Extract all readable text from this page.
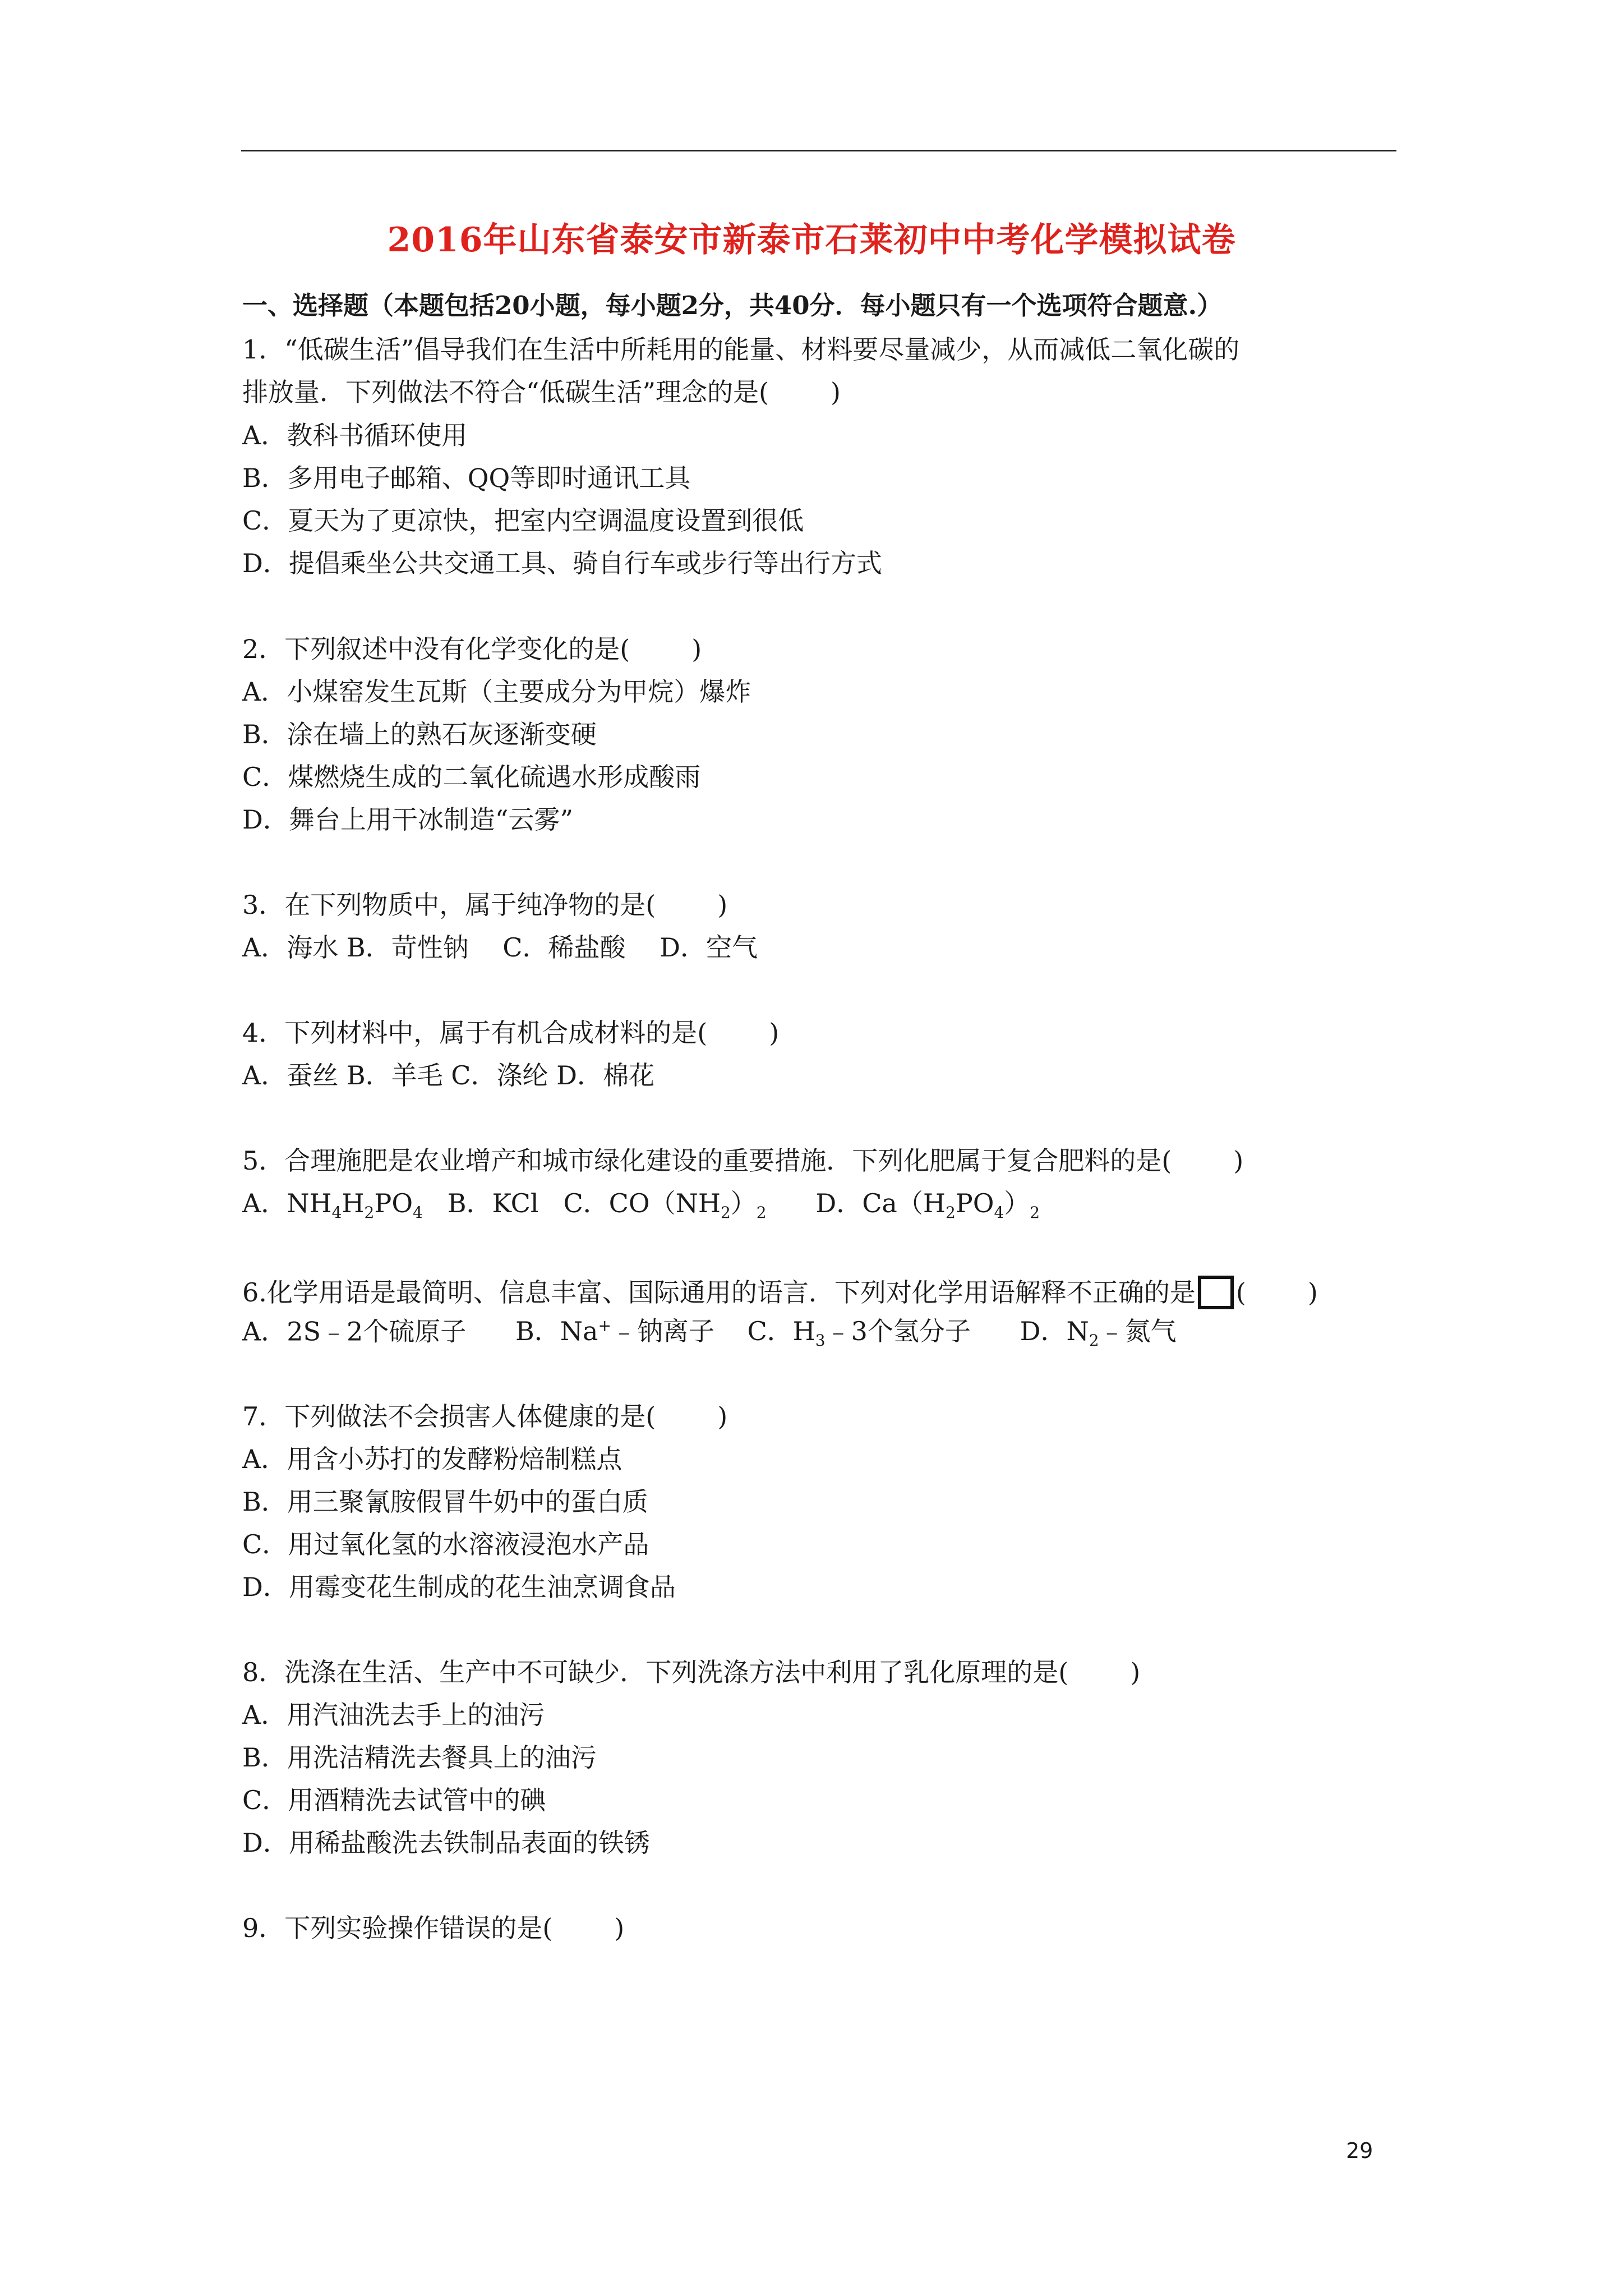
2016年山东省泰安市新泰市石莱初中中考化学模拟试卷
一、选择题（本题包括20小题，每小题2分，共40分．每小题只有一个选项符合题意.）
1．“低碳生活”倡导我们在生活中所耗用的能量、材料要尽量减少，从而减低二氧化碳的
排放量．下列做法不符合“低碳生活”理念的是( )
A．教科书循环使用
B．多用电子邮箱、QQ等即时通讯工具
C．夏天为了更凉快，把室内空调温度设置到很低
D．提倡乘坐公共交通工具、骑自行车或步行等出行方式
2．下列叙述中没有化学变化的是( )
A．小煤窑发生瓦斯（主要成分为甲烷）爆炸
B．涂在墙上的熟石灰逐渐变硬
C．煤燃烧生成的二氧化硫遇水形成酸雨
D．舞台上用干冰制造“云雾”
3．在下列物质中，属于纯净物的是( )
A．海水 B．苛性钠　 C．稀盐酸　 D．空气
4．下列材料中，属于有机合成材料的是( )
A．蚕丝 B．羊毛 C．涤纶 D．棉花
5．合理施肥是农业增产和城市绿化建设的重要措施．下列化肥属于复合肥料的是( )
A．$NH_4H_2PO_4$ B．KCl C．$CO(NH_2)_2$ D．$Ca(H_2PO_4)_2$
6.化学用语是最简明、信息丰富、国际通用的语言．下列对化学用语解释不正确的是 ( )
A．2S﹣2个硫原子 B．Na+﹣钠离子 C．$H_3﹣3$个氢分子 D．$N_2﹣$氮气
7．下列做法不会损害人体健康的是( )
A．用含小苏打的发酵粉焙制糕点
B．用三聚氰胺假冒牛奶中的蛋白质
C．用过氧化氢的水溶液浸泡水产品
D．用霉变花生制成的花生油烹调食品
8．洗涤在生活、生产中不可缺少．下列洗涤方法中利用了乳化原理的是( )
A．用汽油洗去手上的油污
B．用洗洁精洗去餐具上的油污
C．用酒精洗去试管中的碘
D．用稀盐酸洗去铁制品表面的铁锈
9．下列实验操作错误的是( )
29
